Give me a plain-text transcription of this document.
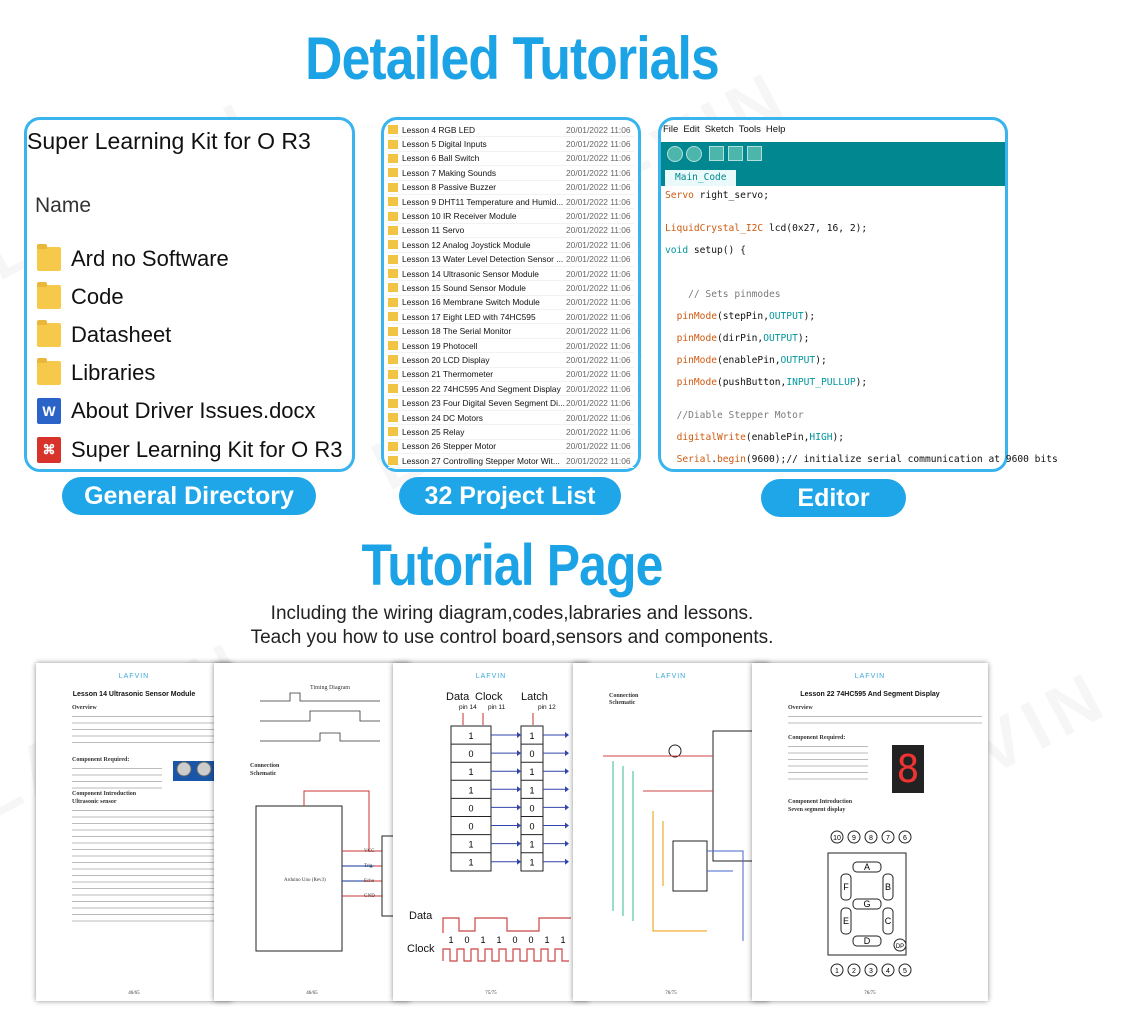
Detailed Tutorials
Super Learning Kit for O R3
Name
Ard no Software
Code
Datasheet
Libraries
W About Driver Issues.docx
⌘ Super Learning Kit for O R3
General Directory
Lesson 4 RGB LED	20/01/2022 11:06
Lesson 5 Digital Inputs	20/01/2022 11:06
Lesson 6 Ball Switch	20/01/2022 11:06
Lesson 7 Making Sounds	20/01/2022 11:06
Lesson 8 Passive Buzzer	20/01/2022 11:06
Lesson 9 DHT11 Temperature and Humid... 20/01/2022 11:06
Lesson 10 IR Receiver Module	20/01/2022 11:06
Lesson 11 Servo	20/01/2022 11:06
Lesson 12 Analog Joystick Module	20/01/2022 11:06
Lesson 13 Water Level Detection Sensor ... 20/01/2022 11:06
Lesson 14 Ultrasonic Sensor Module	20/01/2022 11:06
Lesson 15 Sound Sensor Module	20/01/2022 11:06
Lesson 16 Membrane Switch Module	20/01/2022 11:06
Lesson 17 Eight LED with 74HC595	20/01/2022 11:06
Lesson 18 The Serial Monitor	20/01/2022 11:06
Lesson 19 Photocell	20/01/2022 11:06
Lesson 20 LCD Display	20/01/2022 11:06
Lesson 21 Thermometer	20/01/2022 11:06
Lesson 22 74HC595 And Segment Display 20/01/2022 11:06
Lesson 23 Four Digital Seven Segment Di... 20/01/2022 11:06
Lesson 24 DC Motors	20/01/2022 11:06
Lesson 25 Relay	20/01/2022 11:06
Lesson 26 Stepper Motor	20/01/2022 11:06
Lesson 27 Controlling Stepper Motor Wit... 20/01/2022 11:06
32 Project List
File Edit Sketch Tools Help
Main_Code
Servo right_servo;

LiquidCrystal_I2C lcd(0x27, 16, 2);

void setup() {

// Sets pinmodes

pinMode(stepPin,OUTPUT);

pinMode(dirPin,OUTPUT);

pinMode(enablePin,OUTPUT);

pinMode(pushButton,INPUT_PULLUP);

//Diable Stepper Motor

digitalWrite(enablePin,HIGH);

Serial.begin(9600);// initialize serial communication at 9600 bits
Editor
Tutorial Page
Including the wiring diagram,codes,labraries and lessons.
Teach you how to use control board,sensors and components.
LAFVIN
Lesson 14 Ultrasonic Sensor Module
Overview
Component Required:
Component Introduction
Ultrasonic sensor
46/65
Timing Diagram
Connection
Schematic
Arduino Uno (Rev3)
VCC
Trig
Echo
GND
46/65
LAFVIN
Data Clock Latch
pin 14 pin 11	pin 12
1	1
0	0
1	1
1	1
0	0
0	0
1	1
1	1
1 0 1 1 0 0 1 1
Data
Clock
75/75
LAFVIN
Connection
Schematic
76/75
LAFVIN
Lesson 22 74HC595 And Segment Display
Overview
Component Required:
8
Component Introduction
Seven segment display
10 9 8 7 6
A
B
C
D
E
F
G
DP
1 2 3 4 5
76/75
